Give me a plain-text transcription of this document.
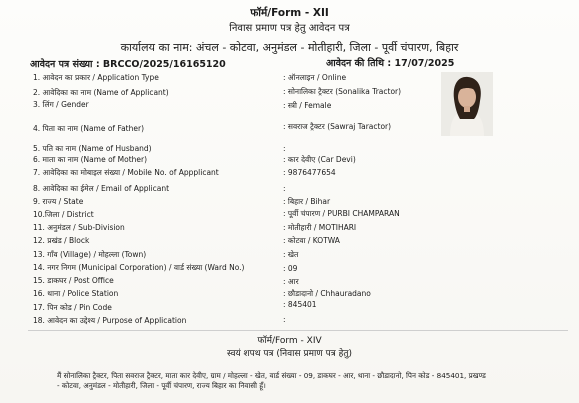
फॉर्म/Form - XII
निवास प्रमाण पत्र हेतु आवेदन पत्र
कार्यालय का नाम: अंचल - कोटवा, अनुमंडल - मोतीहारी, जिला - पूर्वी चंपारण, बिहार
आवेदन पत्र संख्या : BRCCO/2025/16165120	आवेदन की तिथि : 17/07/2025
1. आवेदन का प्रकार / Application Type	: ऑनलाइन / Online
2. आवेदिका का नाम (Name of Applicant)	: सोनालिका ट्रैक्टर (Sonalika Tractor)
3. लिंग / Gender	: स्त्री / Female
4. पिता का नाम (Name of Father)	: सवराज ट्रैक्टर (Sawraj Taractor)
5. पति का नाम (Name of Husband)	:
6. माता का नाम (Name of Mother)	: कार देवीए (Car Devi)
7. आवेदिका का मोबाइल संख्या / Mobile No. of Appplicant	: 9876477654
8. आवेदिका का ईमेल / Email of Applicant	:
9. राज्य / State	: बिहार / Bihar
10.जिला / District	: पूर्वी चंपारण / PURBI CHAMPARAN
11. अनुमंडल / Sub-Division	: मोतीहारी / MOTIHARI
12. प्रखंड / Block	: कोटवा / KOTWA
13. गाँव (Village) / मोहल्ला (Town)	: खेत
14. नगर निगम (Municipal Corporation) / वार्ड संख्या (Ward No.)	: 09
15. डाकघर / Post Office	: आर
16. थाना / Police Station	: छौडादानो / Chhauradano
17. पिन कोड / Pin Code	: 845401
18. आवेदन का उद्देश्य / Purpose of Application	:
फॉर्म/Form - XIV
स्वयं शपथ पत्र (निवास प्रमाण पत्र हेतु)
मैं सोनालिका ट्रैक्टर, पिता सवराज ट्रैक्टर, माता कार देवीए, ग्राम / मोहल्ला - खेत, वार्ड संख्या - 09, डाकघर - आर, थाना - छौडादानो, पिन कोड - 845401, प्रखण्ड
- कोटवा, अनुमंडल - मोतीहारी, जिला - पूर्वी चंपारण, राज्य बिहार का निवासी हूँ।
